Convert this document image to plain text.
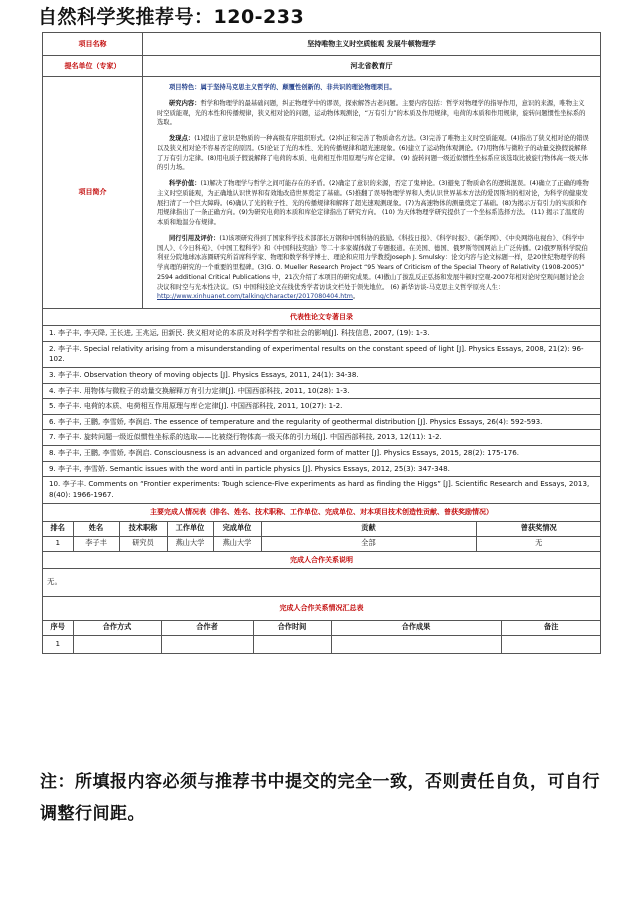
自然科学奖推荐号：120-233
项目名称	坚持唯物主义时空质能观 发展牛顿物理学
提名单位（专家）	河北省教育厅
项目简介	

项目特色：属于坚持马克思主义哲学的、颠覆性创新的、非共识的理论物理项目。

研究内容：哲学和物理学的最基础问题，纠正物理学中的谬误，探索解答古老问题。主要内容包括：哲学对物理学的指导作用，意识的来源，唯物主义时空质能观，光的本性和传播规律，狭义相对论的问题，运动物体观测论，“万有引力”的本质及作用规律，电荷的本质和作用规律，旋转问题惯性坐标系的选取。

发现点：(1)提出了意识是物质的一种高级有序组织形式。(2)纠正和完善了物质命名方法。(3)完善了唯物主义时空质能观。(4)指出了狭义相对论的错误以及狭义相对论不容易否定的原因。(5)论证了光的本性、光的传播规律和超光速现象。(6)建立了运动物体观测论。(7)用物体与微粒子的动量交换假说解释了万有引力定律。(8)用电质子假说解释了电荷的本质、电荷相互作用原理与库仑定律。 (9) 旋转问题一级近似惯性坐标系应该选取比被旋行物体高一级天体的引力场。

科学价值：(1)解决了物理学与哲学之间可能存在的矛盾。(2)确定了意识的来源，否定了鬼神论。(3)避免了物质命名的逻辑混误。(4)确立了正确的唯物主义时空质能观，为正确地认识世界和有效地改造世界奠定了基础。(5)推翻了误导物理学界和人类认识世界基本方法的爱因斯坦的相对论，为科学的健康发展扫清了一个巨大障碍。(6)确认了光的粒子性、光的传播规律和解释了超光速观测现象。(7)为高速物体的测量奠定了基础。(8)为揭示万有引力的实质和作用规律指出了一条正确方向。(9)为研究电荷的本质和库伦定律指出了研究方向。 (10) 为天体物理学研究提供了一个坐标系选择方法。 (11) 揭示了温度的本质和地温分布规律。

同行引用及评价：(1)该项研究得到了国家科学技术部部长万钢和中国科协的鼓励。《科技日报》、《科学时报》、《新华网》、《中央网络电视台》、《科学中国人》、《今日科苑》、《中国工程科学》和《中国科技奖励》等二十多家媒体做了专题报道。在美国、德国、俄罗斯等国网站上广泛传播。(2)俄罗斯科学院伯利亚分院地球冰冻圈研究所首席科学家、物理和数学科学博士、理论和应用力学教授Joseph J. Smulsky：论文内容与论文标题一样，是20世纪物理学的科学真理的研究的一个重要的里程碑。(3)G. O. Mueller Research Project “95 Years of Criticism of the Special Theory of Relativity (1908-2005)” 2594 additional Critical Publications 中，21次介绍了本项目的研究成果。(4)傲山了拔乱反正弘扬和发展牛顿时空观-2007年相对论时空观问题讨论会决议和时空与光本性决议。(5) 中国科技论文在线优秀学者访谈文栏处于领先地位。 (6) 新华访谈-马克思主义哲学原亮人生：http://www.xinhuanet.com/talking/character/2017080404.htm。

代表性论文专著目录

1. 李子丰, 李天降, 王长进, 王兆运, 田新民. 狭义相对论的本质及对科学哲学和社会的影响[J]. 科技信息, 2007, (19): 1-3.
2. 李子丰. Special relativity arising from a misunderstanding of experimental results on the constant speed of light [J]. Physics Essays, 2008, 21(2): 96-102.
3. 李子丰. Observation theory of moving objects [J]. Physics Essays, 2011, 24(1): 34-38.
4. 李子丰. 用物体与微粒子的动量交换解释万有引力定律[J]. 中国西部科技, 2011, 10(28): 1-3.
5. 李子丰. 电荷的本质、电荷相互作用原理与库仑定律[J]. 中国西部科技, 2011, 10(27): 1-2.
6. 李子丰, 王鹏, 李雪娇, 李润启. The essence of temperature and the regularity of geothermal distribution [J]. Physics Essays, 26(4): 592-593.
7. 李子丰. 旋转问题一级近似惯性坐标系的选取——比被绕行物体高一级天体的引力场[J]. 中国西部科技, 2013, 12(11): 1-2.
8. 李子丰, 王鹏, 李雪娇, 李润启. Consciousness is an advanced and organized form of matter [J]. Physics Essays, 2015, 28(2): 175-176.
9. 李子丰, 李雪娇. Semantic issues with the word anti in particle physics [J]. Physics Essays, 2012, 25(3): 347-348.
10. 李子丰. Comments on “Frontier experiments: Tough science-Five experiments as hard as finding the Higgs” [J]. Scientific Research and Essays, 2013, 8(40): 1966-1967.

主要完成人情况表（排名、姓名、技术职称、工作单位、完成单位、对本项目技术创造性贡献、曾获奖励情况）

排名	姓名	技术职称	工作单位	完成单位	贡献	曾获奖情况
1	李子丰	研究员	燕山大学	燕山大学	全部	无

完成人合作关系说明
无。
完成人合作关系情况汇总表

序号	合作方式	合作者	合作时间	合作成果	备注
1					
注：所填报内容必须与推荐书中提交的完全一致，否则责任自负，可自行调整行间距。
